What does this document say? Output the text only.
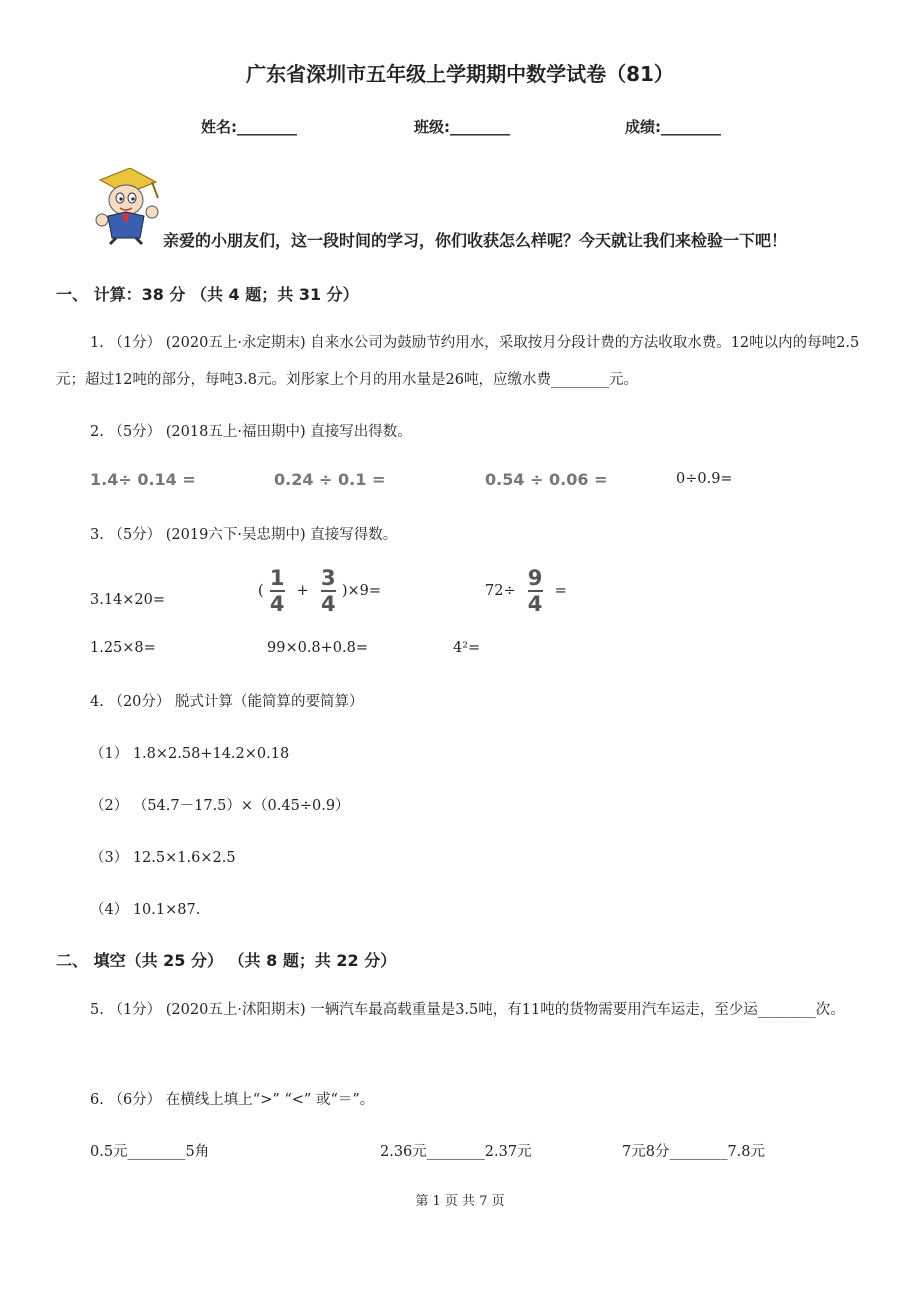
广东省深圳市五年级上学期期中数学试卷（81）
姓名:________	班级:________	成绩:________
亲爱的小朋友们，这一段时间的学习，你们收获怎么样呢？今天就让我们来检验一下吧！
一、 计算：38 分 （共 4 题；共 31 分）
1. （1分） (2020五上·永定期末) 自来水公司为鼓励节约用水，采取按月分段计费的方法收取水费。12吨以内的每吨2.5元；超过12吨的部分，每吨3.8元。刘彤家上个月的用水量是26吨，应缴水费________元。
2. （5分） (2018五上·福田期中) 直接写出得数。
1.4÷ 0.14 =	0.24 ÷ 0.1 =	0.54 ÷ 0.06 =	0÷0.9=
3. （5分） (2019六下·吴忠期中) 直接写得数。
3.14×20=
( $\frac{1}{4} + \frac{3}{4} )\times 9=$	$72\div \frac{9}{4}$ =
1.25×8=	99×0.8+0.8=	4²=
4. （20分） 脱式计算（能简算的要简算）
（1） 1.8×2.58+14.2×0.18
（2） （54.7－17.5）×（0.45÷0.9）
（3） 12.5×1.6×2.5
（4） 10.1×87.
二、 填空（共 25 分） （共 8 题；共 22 分）
5. （1分） (2020五上·沭阳期末) 一辆汽车最高载重量是3.5吨，有11吨的货物需要用汽车运走，至少运________次。
6. （6分） 在横线上填上“>” “<” 或“＝”。
0.5元________5角	2.36元________2.37元	7元8分________7.8元
第 1 页 共 7 页
